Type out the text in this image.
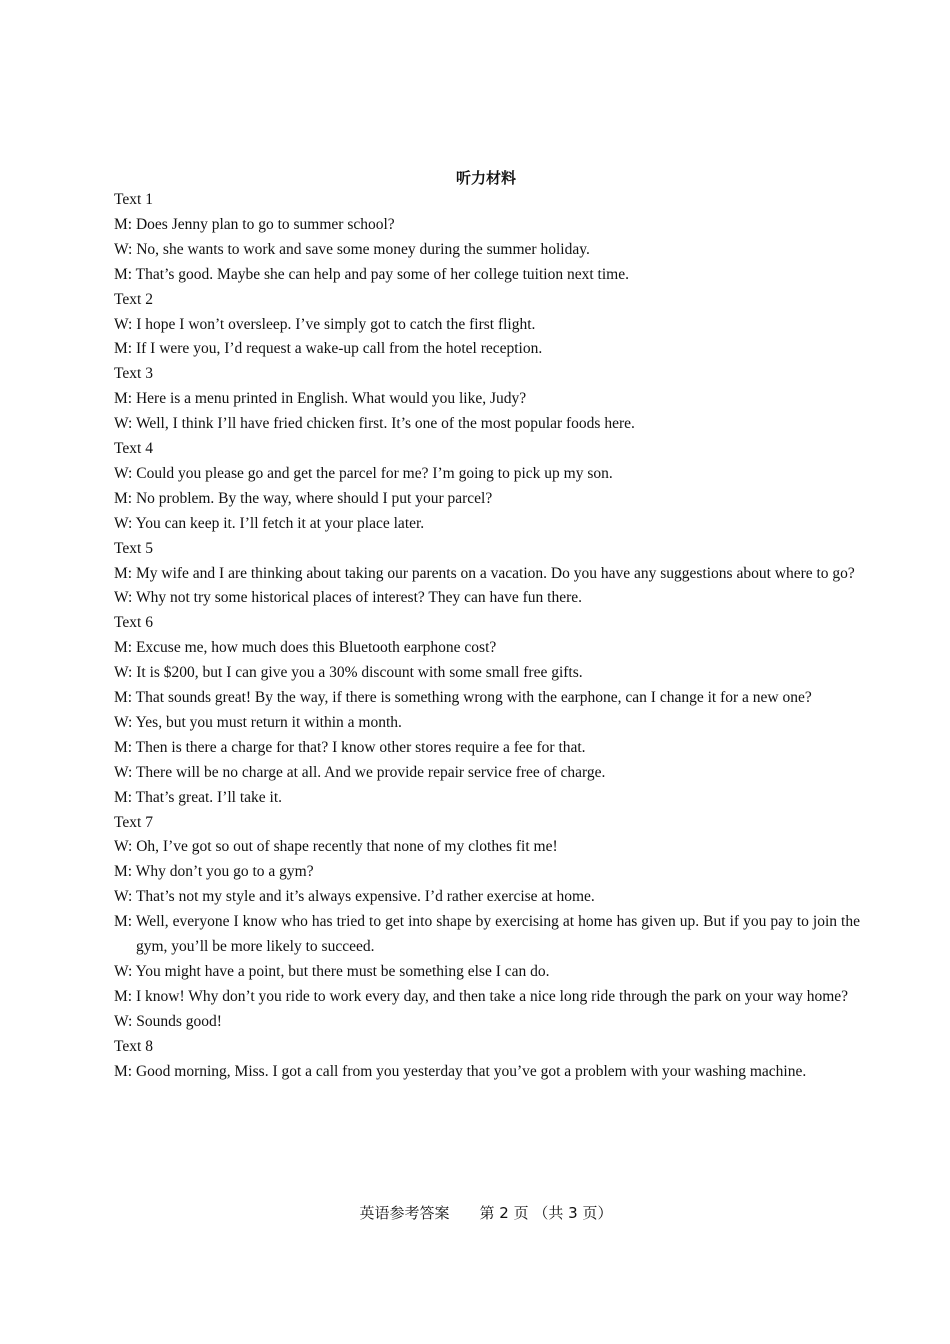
听力材料
Text 1
M: Does Jenny plan to go to summer school?
W: No, she wants to work and save some money during the summer holiday.
M: That’s good. Maybe she can help and pay some of her college tuition next time.
Text 2
W: I hope I won’t oversleep. I’ve simply got to catch the first flight.
M: If I were you, I’d request a wake-up call from the hotel reception.
Text 3
M: Here is a menu printed in English. What would you like, Judy?
W: Well, I think I’ll have fried chicken first. It’s one of the most popular foods here.
Text 4
W: Could you please go and get the parcel for me? I’m going to pick up my son.
M: No problem. By the way, where should I put your parcel?
W: You can keep it. I’ll fetch it at your place later.
Text 5
M: My wife and I are thinking about taking our parents on a vacation. Do you have any suggestions about where to go?
W: Why not try some historical places of interest? They can have fun there.
Text 6
M: Excuse me, how much does this Bluetooth earphone cost?
W: It is $200, but I can give you a 30% discount with some small free gifts.
M: That sounds great! By the way, if there is something wrong with the earphone, can I change it for a new one?
W: Yes, but you must return it within a month.
M: Then is there a charge for that? I know other stores require a fee for that.
W: There will be no charge at all. And we provide repair service free of charge.
M: That’s great. I’ll take it.
Text 7
W: Oh, I’ve got so out of shape recently that none of my clothes fit me!
M: Why don’t you go to a gym?
W: That’s not my style and it’s always expensive. I’d rather exercise at home.
M: Well, everyone I know who has tried to get into shape by exercising at home has given up. But if you pay to join the gym, you’ll be more likely to succeed.
W: You might have a point, but there must be something else I can do.
M: I know! Why don’t you ride to work every day, and then take a nice long ride through the park on your way home?
W: Sounds good!
Text 8
M: Good morning, Miss. I got a call from you yesterday that you’ve got a problem with your washing machine.
英语参考答案　　第 2 页 （共 3 页）
